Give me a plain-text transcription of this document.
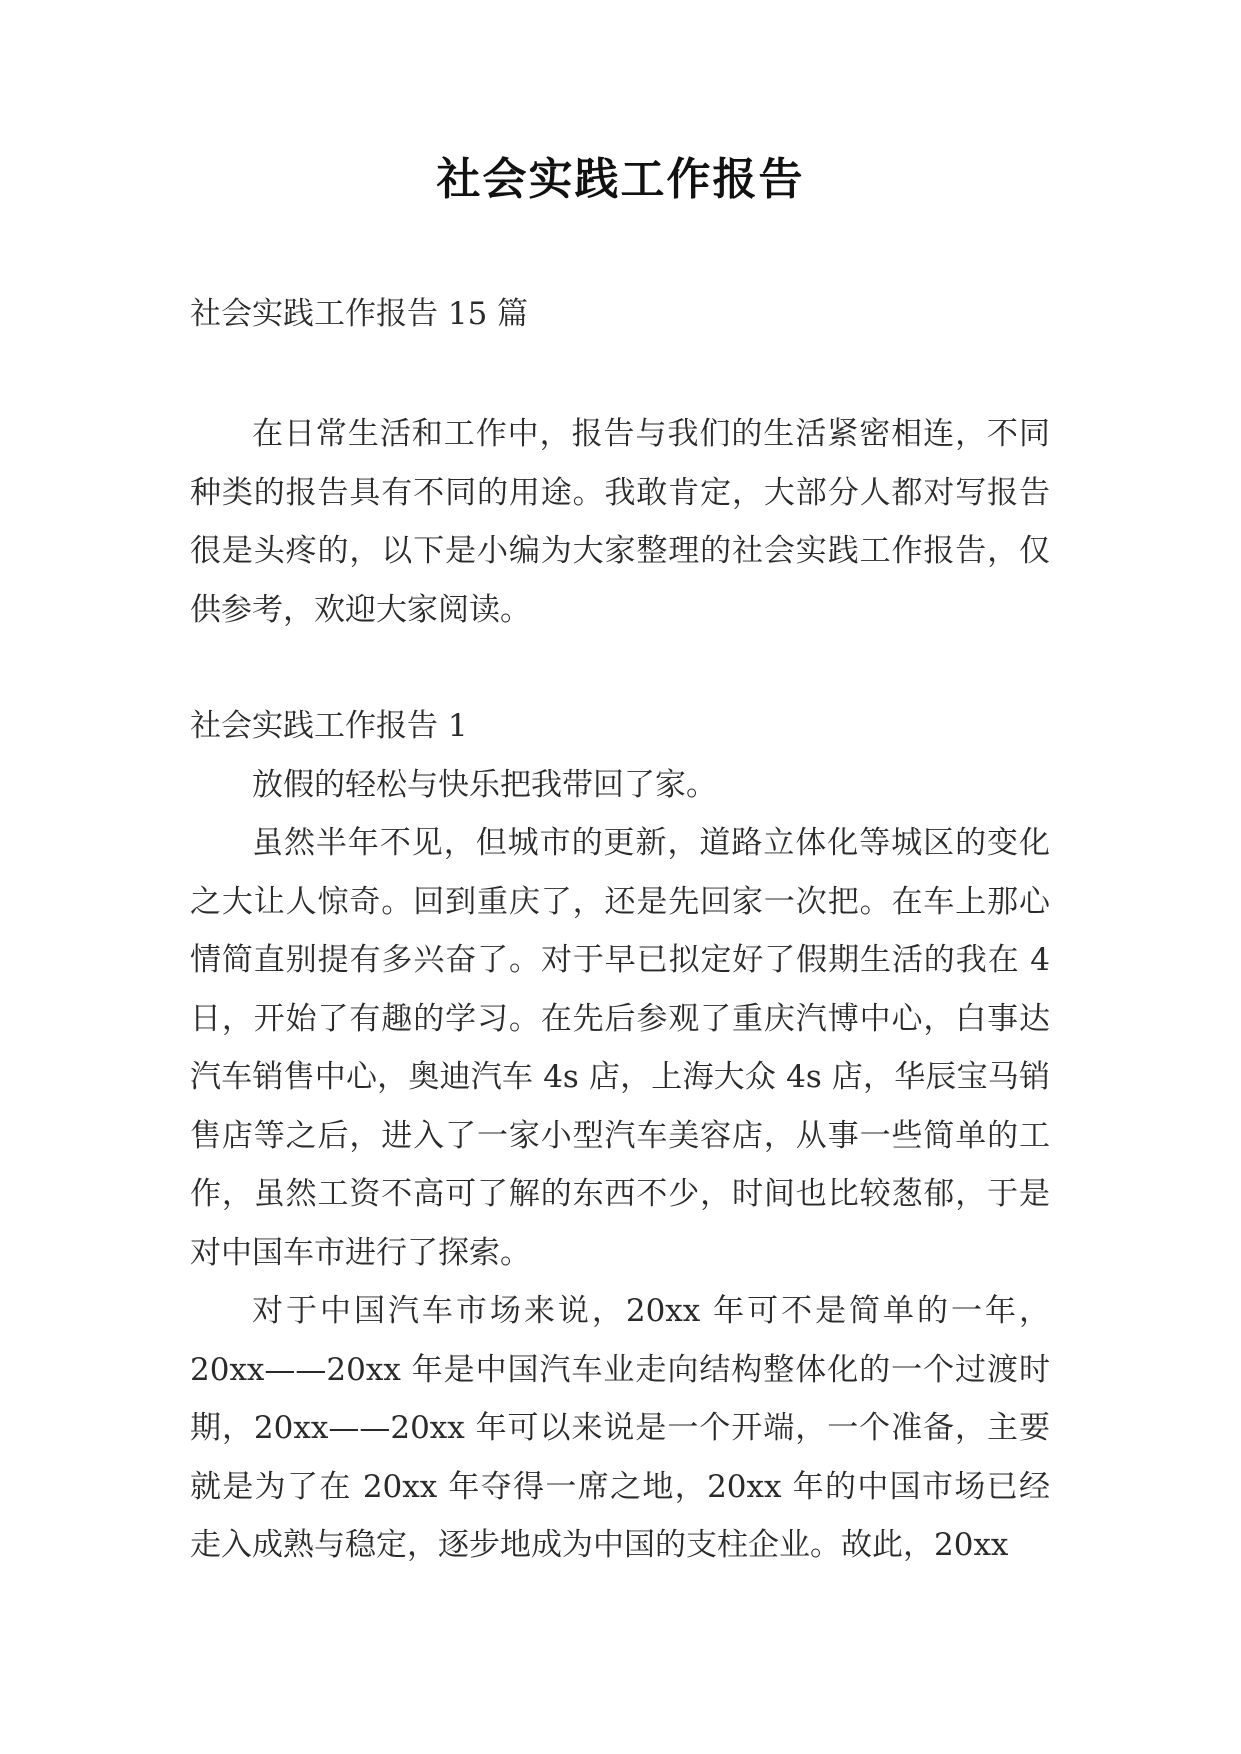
社会实践工作报告
社会实践工作报告 15 篇

在日常生活和工作中，报告与我们的生活紧密相连，不同种类的报告具有不同的用途。我敢肯定，大部分人都对写报告很是头疼的，以下是小编为大家整理的社会实践工作报告，仅供参考，欢迎大家阅读。

社会实践工作报告 1

放假的轻松与快乐把我带回了家。

虽然半年不见，但城市的更新，道路立体化等城区的变化之大让人惊奇。回到重庆了，还是先回家一次把。在车上那心情简直别提有多兴奋了。对于早已拟定好了假期生活的我在 4 日，开始了有趣的学习。在先后参观了重庆汽博中心，白事达汽车销售中心，奥迪汽车 4s 店，上海大众 4s 店，华辰宝马销售店等之后，进入了一家小型汽车美容店，从事一些简单的工作，虽然工资不高可了解的东西不少，时间也比较葱郁，于是对中国车市进行了探索。

对于中国汽车市场来说，20xx 年可不是简单的一年，20xx——20xx 年是中国汽车业走向结构整体化的一个过渡时期，20xx——20xx 年可以来说是一个开端，一个准备，主要就是为了在 20xx 年夺得一席之地，20xx 年的中国市场已经走入成熟与稳定，逐步地成为中国的支柱企业。故此，20xx
